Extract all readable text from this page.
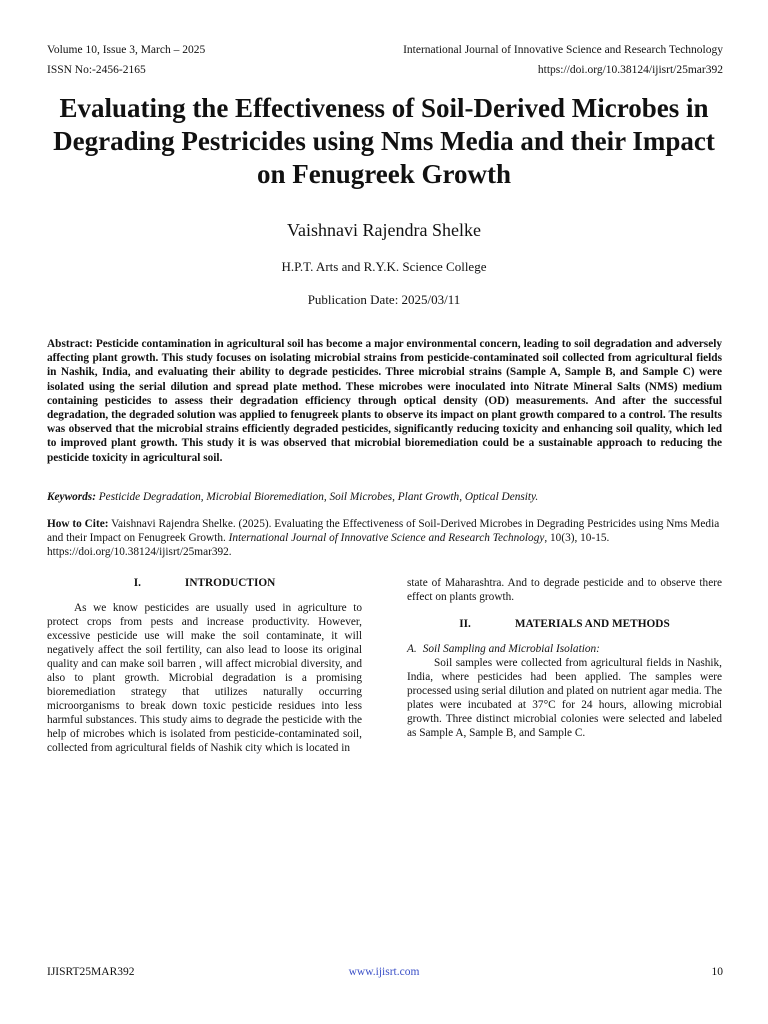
Volume 10, Issue 3, March – 2025	International Journal of Innovative Science and Research Technology
ISSN No:-2456-2165	https://doi.org/10.38124/ijisrt/25mar392
Evaluating the Effectiveness of Soil-Derived Microbes in Degrading Pestricides using Nms Media and their Impact on Fenugreek Growth
Vaishnavi Rajendra Shelke
H.P.T. Arts and R.Y.K. Science College
Publication Date: 2025/03/11
Abstract: Pesticide contamination in agricultural soil has become a major environmental concern, leading to soil degradation and adversely affecting plant growth. This study focuses on isolating microbial strains from pesticide-contaminated soil collected from agricultural fields in Nashik, India, and evaluating their ability to degrade pesticides. Three microbial strains (Sample A, Sample B, and Sample C) were isolated using the serial dilution and spread plate method. These microbes were inoculated into Nitrate Mineral Salts (NMS) medium containing pesticides to assess their degradation efficiency through optical density (OD) measurements. And after the successful degradation, the degraded solution was applied to fenugreek plants to observe its impact on plant growth compared to a control. The results was observed that the microbial strains efficiently degraded pesticides, significantly reducing toxicity and enhancing soil quality, which led to improved plant growth. This study it is was observed that microbial bioremediation could be a sustainable approach to reducing the pesticide toxicity in agricultural soil.
Keywords: Pesticide Degradation, Microbial Bioremediation, Soil Microbes, Plant Growth, Optical Density.
How to Cite: Vaishnavi Rajendra Shelke. (2025). Evaluating the Effectiveness of Soil-Derived Microbes in Degrading Pestricides using Nms Media and their Impact on Fenugreek Growth. International Journal of Innovative Science and Research Technology, 10(3), 10-15. https://doi.org/10.38124/ijisrt/25mar392.
I.	INTRODUCTION

As we know pesticides are usually used in agriculture to protect crops from pests and increase productivity. However, excessive pesticide use will make the soil contaminate, it will negatively affect the soil fertility, can also lead to loose its original quality and can make soil barren , will affect microbial diversity, and also to plant growth. Microbial degradation is a promising bioremediation strategy that utilizes naturally occurring microorganisms to break down toxic pesticide residues into less harmful substances. This study aims to degrade the pesticide with the help of microbes which is isolated from pesticide-contaminated soil, collected from agricultural fields of Nashik city which is located in

state of Maharashtra. And to degrade pesticide and to observe there effect on plants growth.

II.	MATERIALS AND METHODS

A. Soil Sampling and Microbial Isolation:

Soil samples were collected from agricultural fields in Nashik, India, where pesticides had been applied. The samples were processed using serial dilution and plated on nutrient agar media. The plates were incubated at 37°C for 24 hours, allowing microbial growth. Three distinct microbial colonies were selected and labeled as Sample A, Sample B, and Sample C.

IJISRT25MAR392	www.ijisrt.com	10
